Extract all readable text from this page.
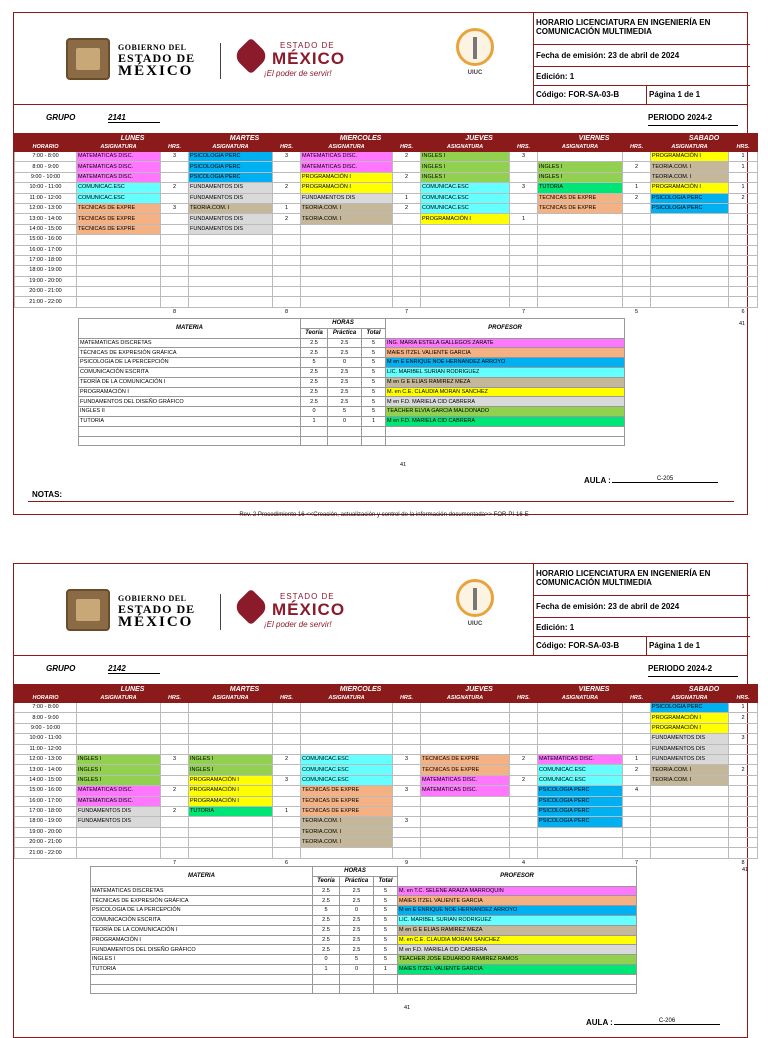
GOBIERNO DEL
ESTADO DE
MÉXICO
ESTADO DE
MÉXICO
¡El poder de servir!	UIUC
HORARIO LICENCIATURA EN INGENIERÍA EN COMUNICACIÓN MULTIMEDIA
Fecha de emisión: 23 de abril de 2024
Edición: 1
Código: FOR-SA-03-B	Página 1 de 1
GRUPO	2141	PERIODO 2024-2
	LUNES		MARTES		MIERCOLES		JUEVES		VIERNES		SABADO	
HORARIO	ASIGNATURA	HRS.	ASIGNATURA	HRS.	ASIGNATURA	HRS.	ASIGNATURA	HRS.	ASIGNATURA	HRS.	ASIGNATURA	HRS.
7:00 - 8:00	MATEMATICAS DISC.	3	PSICOLOGIA PERC	3	MATEMATICAS DISC.	2	INGLES I	3			PROGRAMACIÓN I	1
8:00 - 9:00	MATEMATICAS DISC.		PSICOLOGIA PERC		MATEMATICAS DISC.		INGLES I		INGLES I	2	TEORIA.COM. I	1
9:00 - 10:00	MATEMATICAS DISC.		PSICOLOGIA PERC		PROGRAMACIÓN I	2	INGLES I		INGLES I		TEORIA.COM. I	
10:00 - 11:00	COMUNICAC.ESC	2	FUNDAMENTOS DIS	2	PROGRAMACIÓN I		COMUNICAC.ESC	3	TUTORIA	1	PROGRAMACIÓN I	1
11:00 - 12:00	COMUNICAC.ESC		FUNDAMENTOS DIS		FUNDAMENTOS DIS	1	COMUNICAC.ESC		TECNICAS DE EXPRE	2	PSICOLOGIA PERC	2
12:00 - 13:00	TECNICAS DE EXPRE	3	TEORIA.COM. I	1	TEORIA.COM. I	2	COMUNICAC.ESC		TECNICAS DE EXPRE		PSICOLOGIA PERC	
13:00 - 14:00	TECNICAS DE EXPRE		FUNDAMENTOS DIS	2	TEORIA.COM. I		PROGRAMACIÓN I	1				
14:00 - 15:00	TECNICAS DE EXPRE		FUNDAMENTOS DIS									
15:00 - 16:00												
16:00 - 17:00												
17:00 - 18:00												
18:00 - 19:00												
19:00 - 20:00												
20:00 - 21:00												
21:00 - 22:00												
		8		8		7		7		5		6
MATERIA	HORAS			PROFESOR
	Teoría	Práctica	Total	
MATEMATICAS DISCRETAS	2.5	2.5	5	ING. MARIA ESTELA GALLEGOS ZARATE
TÉCNICAS DE EXPRESIÓN GRÁFICA	2.5	2.5	5	MAIES ITZEL VALIENTE GARCIA
PSICOLOGIA DE LA PERCEPCIÓN	5	0	5	M en E ENRIQUE NOE HERNANDEZ ARROYO
COMUNICACIÓN ESCRITA	2.5	2.5	5	LIC. MARIBEL SURIAN RODRIGUEZ
TEORÍA DE LA COMUNICACIÓN I	2.5	2.5	5	M en G E ELIAS RAMIREZ MEZA
PROGRAMACIÓN I	2.5	2.5	5	M. en C.E. CLAUDIA MORAN SANCHEZ
FUNDAMENTOS DEL DISEÑO GRÁFICO	2.5	2.5	5	M en F.D. MARIELA CID CABRERA
INGLES II	0	5	5	TEACHER ELVIA GARCIA MALDONADO
TUTORIA	1	0	1	M en F.D. MARIELA CID CABRERA

41
41
AULA :	C-205
NOTAS:
Rev. 2 Procedimiento 16 <<Creación, actualización y control de la información documentada>> FOR-PI-16-E
GOBIERNO DEL
ESTADO DE
MÉXICO
ESTADO DE
MÉXICO
¡El poder de servir!	UIUC
HORARIO LICENCIATURA EN INGENIERÍA EN COMUNICACIÓN MULTIMEDIA
Fecha de emisión: 23 de abril de 2024
Edición: 1
Código: FOR-SA-03-B	Página 1 de 1
GRUPO	2142	PERIODO 2024-2
	LUNES		MARTES		MIERCOLES		JUEVES		VIERNES		SABADO	
HORARIO	ASIGNATURA	HRS.	ASIGNATURA	HRS.	ASIGNATURA	HRS.	ASIGNATURA	HRS.	ASIGNATURA	HRS.	ASIGNATURA	HRS.
7:00 - 8:00											PSICOLOGIA PERC	1
8:00 - 9:00											PROGRAMACIÓN I	2
9:00 - 10:00											PROGRAMACIÓN I	
10:00 - 11:00											FUNDAMENTOS DIS	3
11:00 - 12:00											FUNDAMENTOS DIS	
12:00 - 13:00	INGLES I	3	INGLES I	2	COMUNICAC.ESC	3	TECNICAS DE EXPRE	2	MATEMATICAS DISC.	1	FUNDAMENTOS DIS	
13:00 - 14:00	INGLES I		INGLES I		COMUNICAC.ESC		TECNICAS DE EXPRE		COMUNICAC.ESC	2	TEORIA.COM. I	2
14:00 - 15:00	INGLES I		PROGRAMACIÓN I	3	COMUNICAC.ESC		MATEMATICAS DISC.	2	COMUNICAC.ESC		TEORIA.COM. I	
15:00 - 16:00	MATEMATICAS DISC.	2	PROGRAMACIÓN I		TECNICAS DE EXPRE	3	MATEMATICAS DISC.		PSICOLOGIA PERC	4		
16:00 - 17:00	MATEMATICAS DISC.		PROGRAMACIÓN I		TECNICAS DE EXPRE				PSICOLOGIA PERC			
17:00 - 18:00	FUNDAMENTOS DIS	2	TUTORIA	1	TECNICAS DE EXPRE				PSICOLOGIA PERC			
18:00 - 19:00	FUNDAMENTOS DIS				TEORIA.COM. I	3			PSICOLOGIA PERC			
19:00 - 20:00					TEORIA.COM. I							
20:00 - 21:00					TEORIA.COM. I							
21:00 - 22:00												
		7		6		9		4		7		8
MATERIA	HORAS			PROFESOR
	Teoría	Práctica	Total	
MATEMATICAS DISCRETAS	2.5	2.5	5	M. en T.C. SELENE ARAIZA MARROQUIN
TÉCNICAS DE EXPRESIÓN GRÁFICA	2.5	2.5	5	MAIES ITZEL VALIENTE GARCIA
PSICOLOGIA DE LA PERCEPCIÓN	5	0	5	M en E ENRIQUE NOE HERNANDEZ ARROYO
COMUNICACIÓN ESCRITA	2.5	2.5	5	LIC. MARIBEL SURIAN RODRIGUEZ
TEORÍA DE LA COMUNICACIÓN I	2.5	2.5	5	M en G E ELIAS RAMIREZ MEZA
PROGRAMACIÓN I	2.5	2.5	5	M. en C.E. CLAUDIA MORAN SANCHEZ
FUNDAMENTOS DEL DISEÑO GRÁFICO	2.5	2.5	5	M en F.D. MARIELA CID CABRERA
INGLES I	0	5	5	TEACHER JOSE EDUARDO RAMIREZ RAMOS
TUTORIA	1	0	1	MAIES ITZEL VALIENTE GARCIA

41
41
AULA :	C-206
